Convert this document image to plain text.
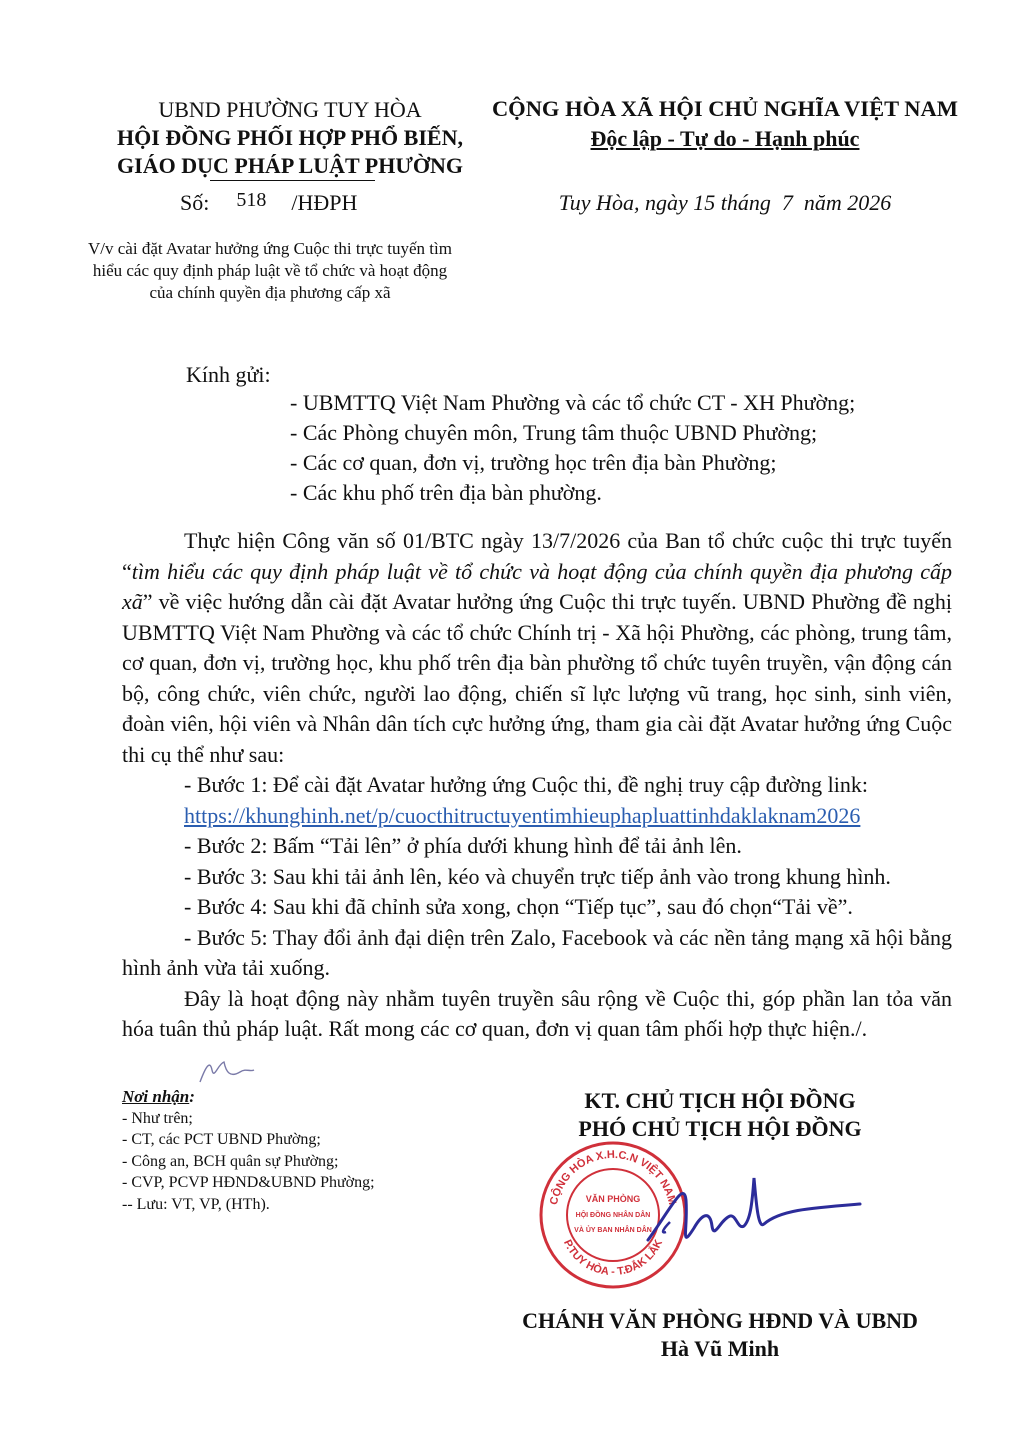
UBND PHƯỜNG TUY HÒA
HỘI ĐỒNG PHỐI HỢP PHỔ BIẾN,
GIÁO DỤC PHÁP LUẬT PHƯỜNG
Số: 518 /HĐPH
V/v cài đặt Avatar hưởng ứng Cuộc thi trực tuyến tìm hiểu các quy định pháp luật về tổ chức và hoạt động của chính quyền địa phương cấp xã
CỘNG HÒA XÃ HỘI CHỦ NGHĨA VIỆT NAM
Độc lập - Tự do - Hạnh phúc
Tuy Hòa, ngày 15 tháng  7  năm 2026
Kính gửi:
- UBMTTQ Việt Nam Phường và các tổ chức CT - XH Phường;
- Các Phòng chuyên môn, Trung tâm thuộc UBND Phường;
- Các cơ quan, đơn vị, trường học trên địa bàn Phường;
- Các khu phố trên địa bàn phường.

Thực hiện Công văn số 01/BTC ngày 13/7/2026 của Ban tổ chức cuộc thi trực tuyến “tìm hiểu các quy định pháp luật về tổ chức và hoạt động của chính quyền địa phương cấp xã” về việc hướng dẫn cài đặt Avatar hưởng ứng Cuộc thi trực tuyến. UBND Phường đề nghị UBMTTQ Việt Nam Phường và các tổ chức Chính trị - Xã hội Phường, các phòng, trung tâm, cơ quan, đơn vị, trường học, khu phố trên địa bàn phường tổ chức tuyên truyền, vận động cán bộ, công chức, viên chức, người lao động, chiến sĩ lực lượng vũ trang, học sinh, sinh viên, đoàn viên, hội viên và Nhân dân tích cực hưởng ứng, tham gia cài đặt Avatar hưởng ứng Cuộc thi cụ thể như sau:

- Bước 1: Để cài đặt Avatar hưởng ứng Cuộc thi, đề nghị truy cập đường link:

https://khunghinh.net/p/cuocthitructuyentimhieuphapluattinhdaklaknam2026

- Bước 2: Bấm “Tải lên” ở phía dưới khung hình để tải ảnh lên.

- Bước 3: Sau khi tải ảnh lên, kéo và chuyển trực tiếp ảnh vào trong khung hình.

- Bước 4: Sau khi đã chỉnh sửa xong, chọn “Tiếp tục”, sau đó chọn“Tải về”.

- Bước 5: Thay đổi ảnh đại diện trên Zalo, Facebook và các nền tảng mạng xã hội bằng hình ảnh vừa tải xuống.

Đây là hoạt động này nhằm tuyên truyền sâu rộng về Cuộc thi, góp phần lan tỏa văn hóa tuân thủ pháp luật. Rất mong các cơ quan, đơn vị quan tâm phối hợp thực hiện./.

Nơi nhận:
- Như trên;
- CT, các PCT UBND Phường;
- Công an, BCH quân sự Phường;
- CVP, PCVP HĐND&UBND Phường;
-- Lưu: VT, VP, (HTh).
KT. CHỦ TỊCH HỘI ĐỒNG
PHÓ CHỦ TỊCH HỘI ĐỒNG
CỘNG HÒA X.H.C.N VIỆT NAM
P.TUY HÒA - T.ĐẮK LẮK
VĂN PHÒNG
HỘI ĐỒNG NHÂN DÂN
VÀ ỦY BAN NHÂN DÂN
CHÁNH VĂN PHÒNG HĐND VÀ UBND
Hà Vũ Minh
